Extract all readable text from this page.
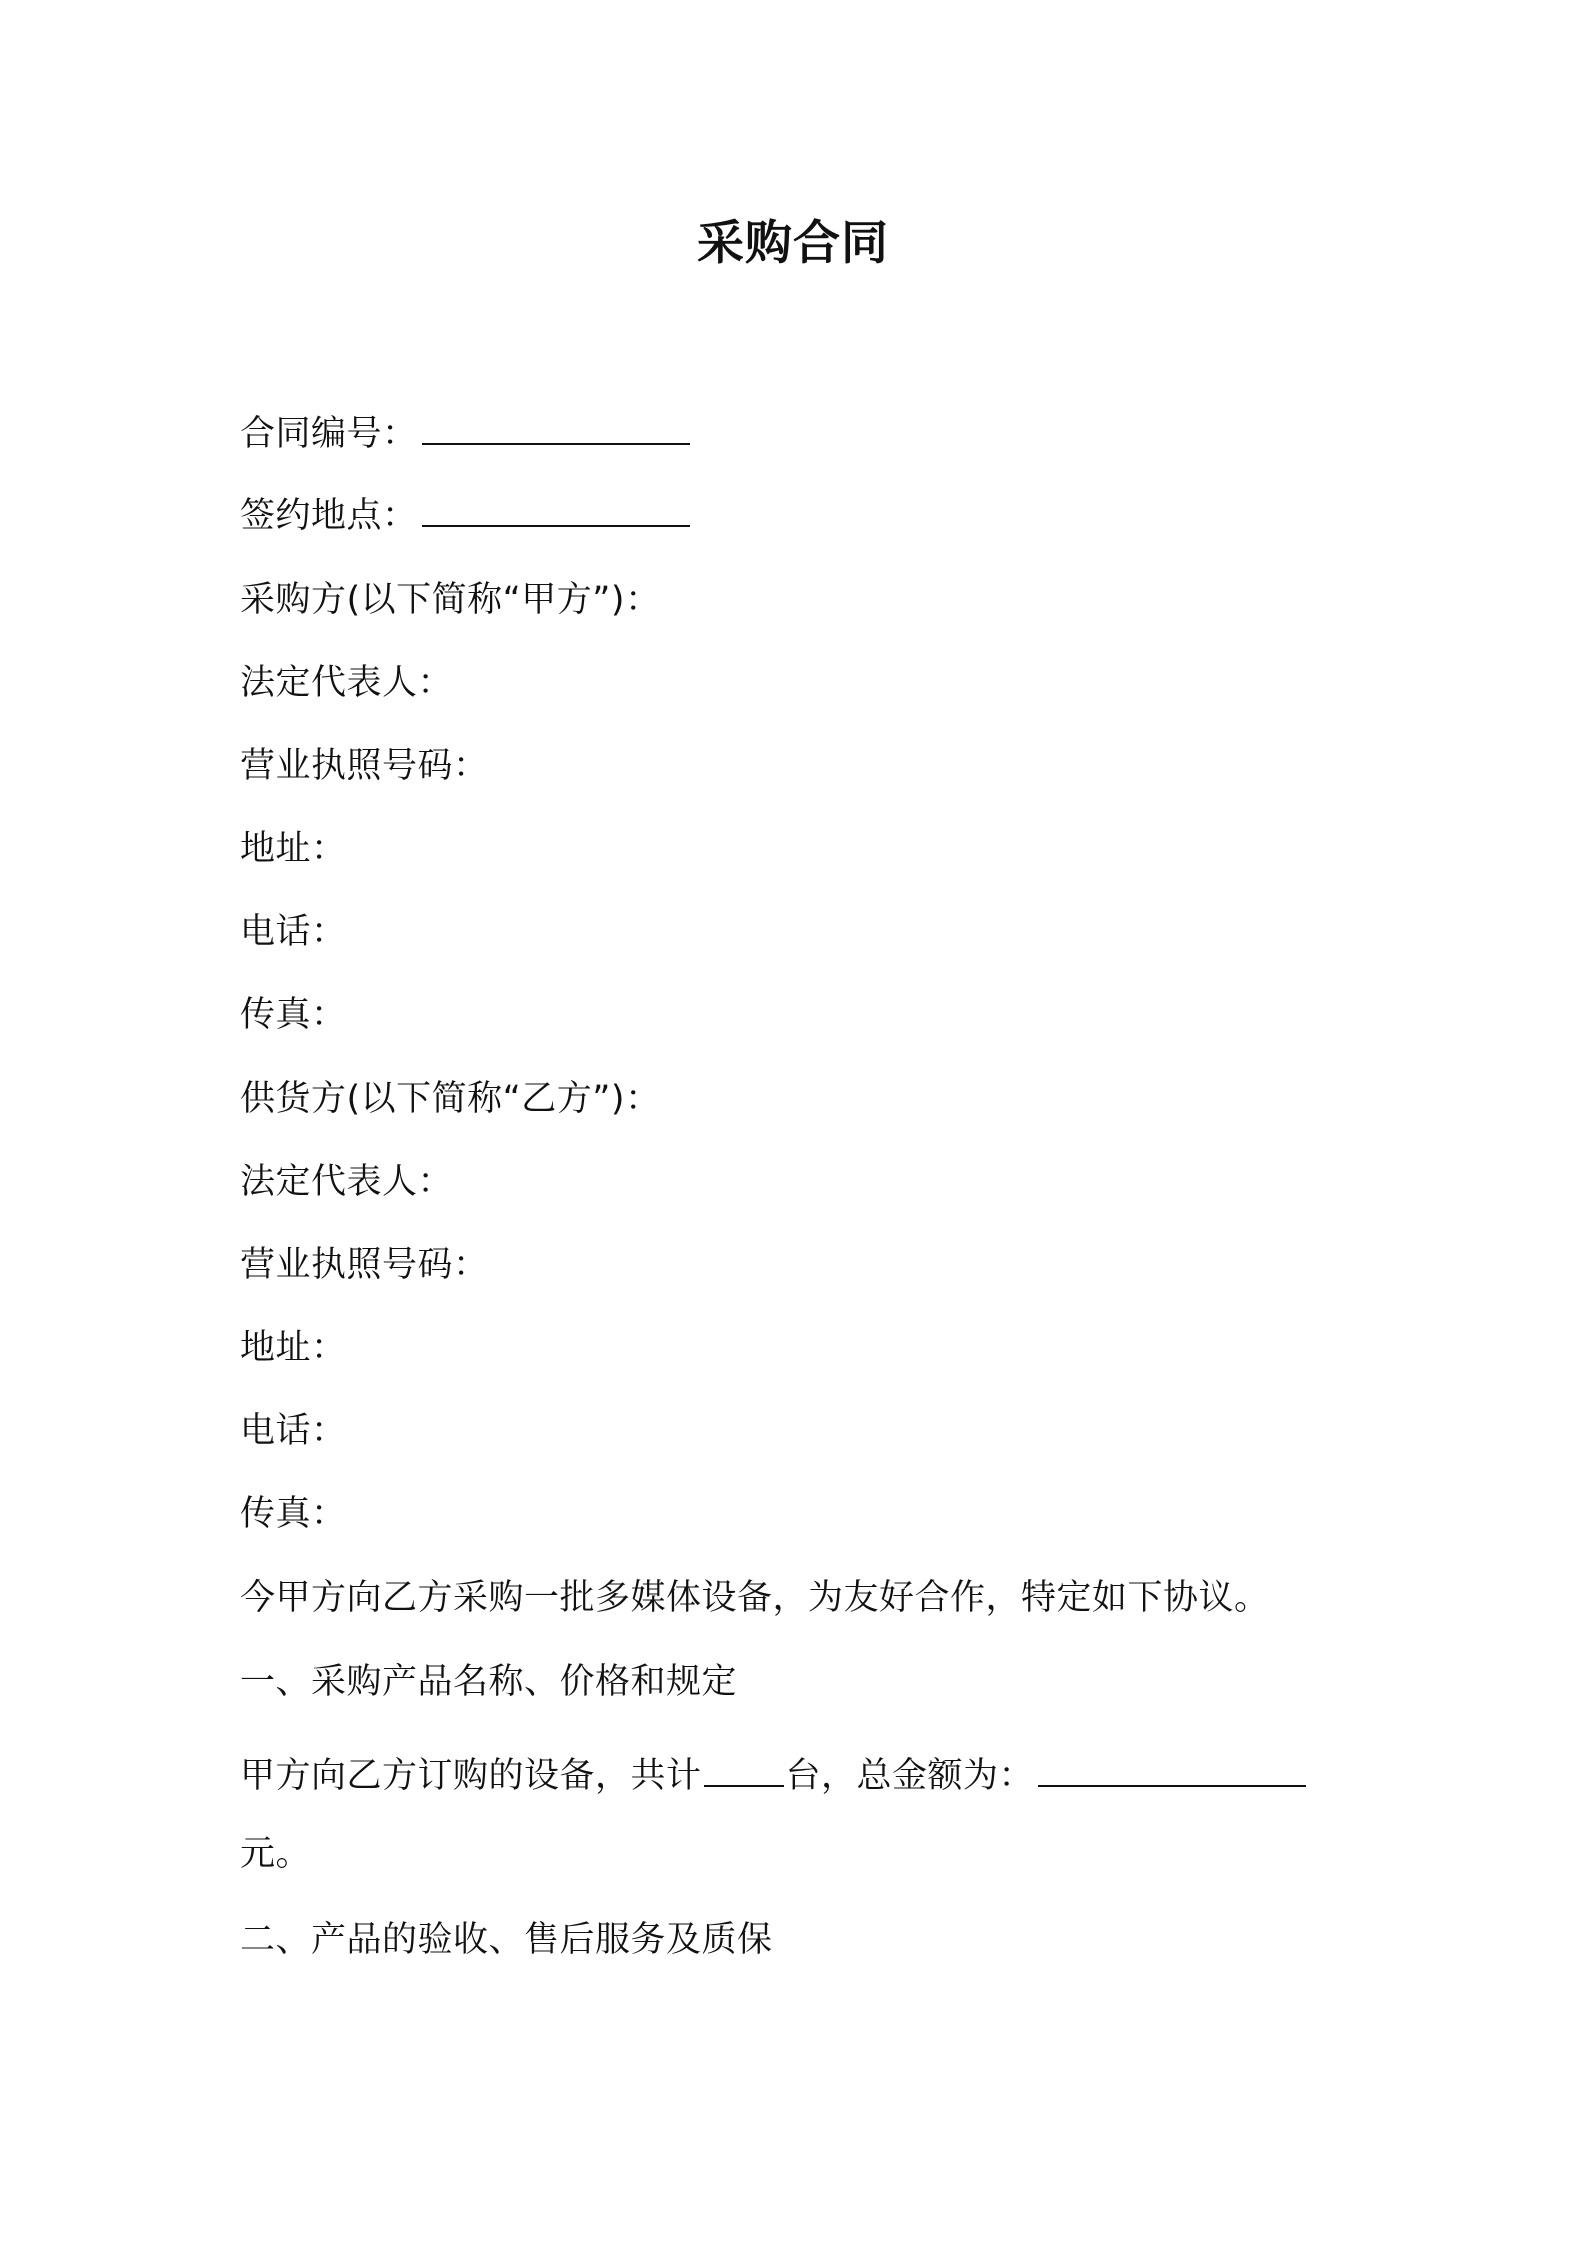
采购合同
合同编号：
签约地点：
采购方(以下简称“甲方”)：
法定代表人：
营业执照号码：
地址：
电话：
传真：
供货方(以下简称“乙方”)：
法定代表人：
营业执照号码：
地址：
电话：
传真：
今甲方向乙方采购一批多媒体设备，为友好合作，特定如下协议。
一、采购产品名称、价格和规定
甲方向乙方订购的设备，共计 台，总金额为：
元。
二、产品的验收、售后服务及质保
